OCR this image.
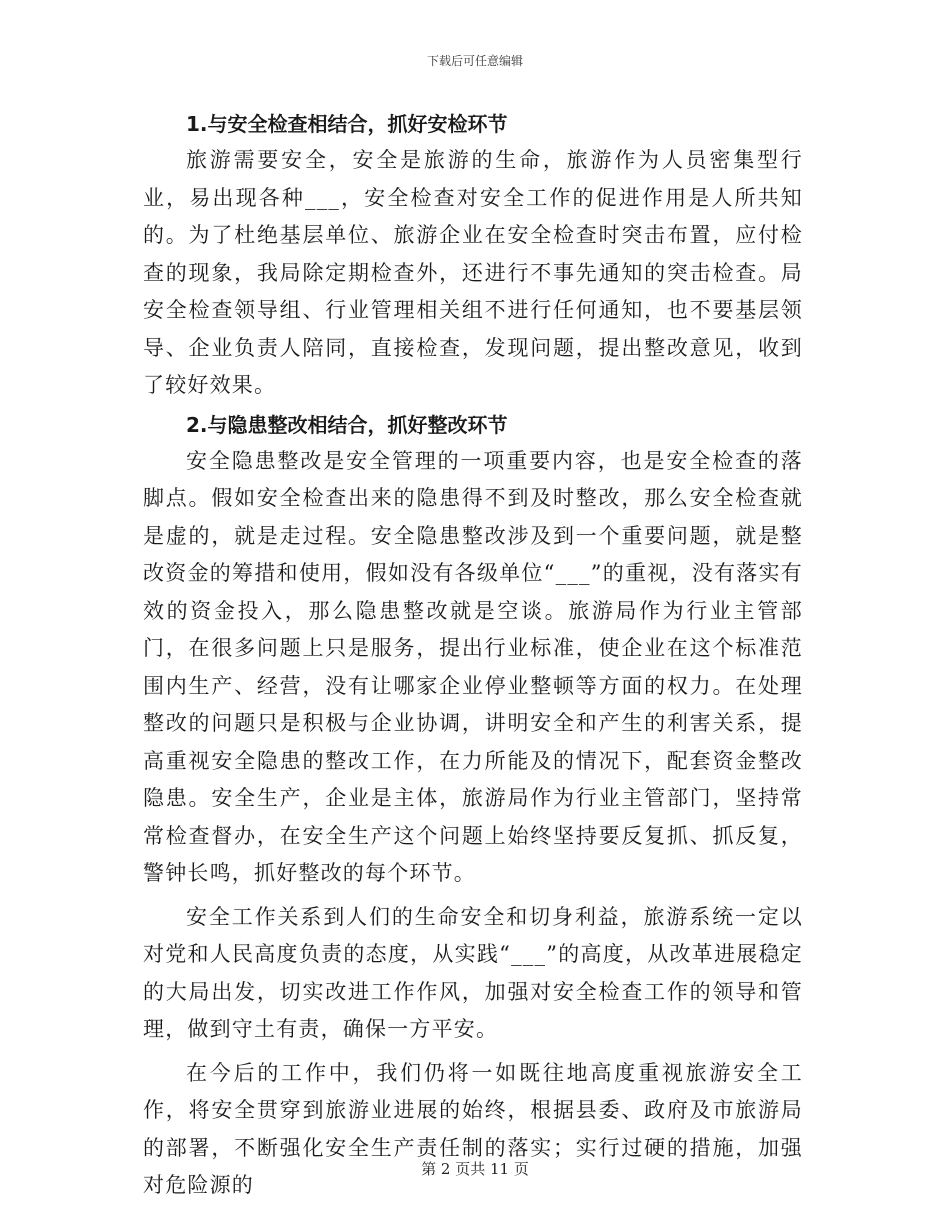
下载后可任意编辑
1.与安全检查相结合，抓好安检环节

旅游需要安全，安全是旅游的生命，旅游作为人员密集型行业，易出现各种___，安全检查对安全工作的促进作用是人所共知的。为了杜绝基层单位、旅游企业在安全检查时突击布置，应付检查的现象，我局除定期检查外，还进行不事先通知的突击检查。局安全检查领导组、行业管理相关组不进行任何通知，也不要基层领导、企业负责人陪同，直接检查，发现问题，提出整改意见，收到了较好效果。

2.与隐患整改相结合，抓好整改环节

安全隐患整改是安全管理的一项重要内容，也是安全检查的落脚点。假如安全检查出来的隐患得不到及时整改，那么安全检查就是虚的，就是走过程。安全隐患整改涉及到一个重要问题，就是整改资金的筹措和使用，假如没有各级单位“___”的重视，没有落实有效的资金投入，那么隐患整改就是空谈。旅游局作为行业主管部门，在很多问题上只是服务，提出行业标准，使企业在这个标准范围内生产、经营，没有让哪家企业停业整顿等方面的权力。在处理整改的问题只是积极与企业协调，讲明安全和产生的利害关系，提高重视安全隐患的整改工作，在力所能及的情况下，配套资金整改隐患。安全生产，企业是主体，旅游局作为行业主管部门，坚持常常检查督办，在安全生产这个问题上始终坚持要反复抓、抓反复，警钟长鸣，抓好整改的每个环节。

安全工作关系到人们的生命安全和切身利益，旅游系统一定以对党和人民高度负责的态度，从实践“___”的高度，从改革进展稳定的大局出发，切实改进工作作风，加强对安全检查工作的领导和管理，做到守土有责，确保一方平安。

在今后的工作中，我们仍将一如既往地高度重视旅游安全工作，将安全贯穿到旅游业进展的始终，根据县委、政府及市旅游局的部署，不断强化安全生产责任制的落实；实行过硬的措施，加强对危险源的

第 2 页共 11 页
